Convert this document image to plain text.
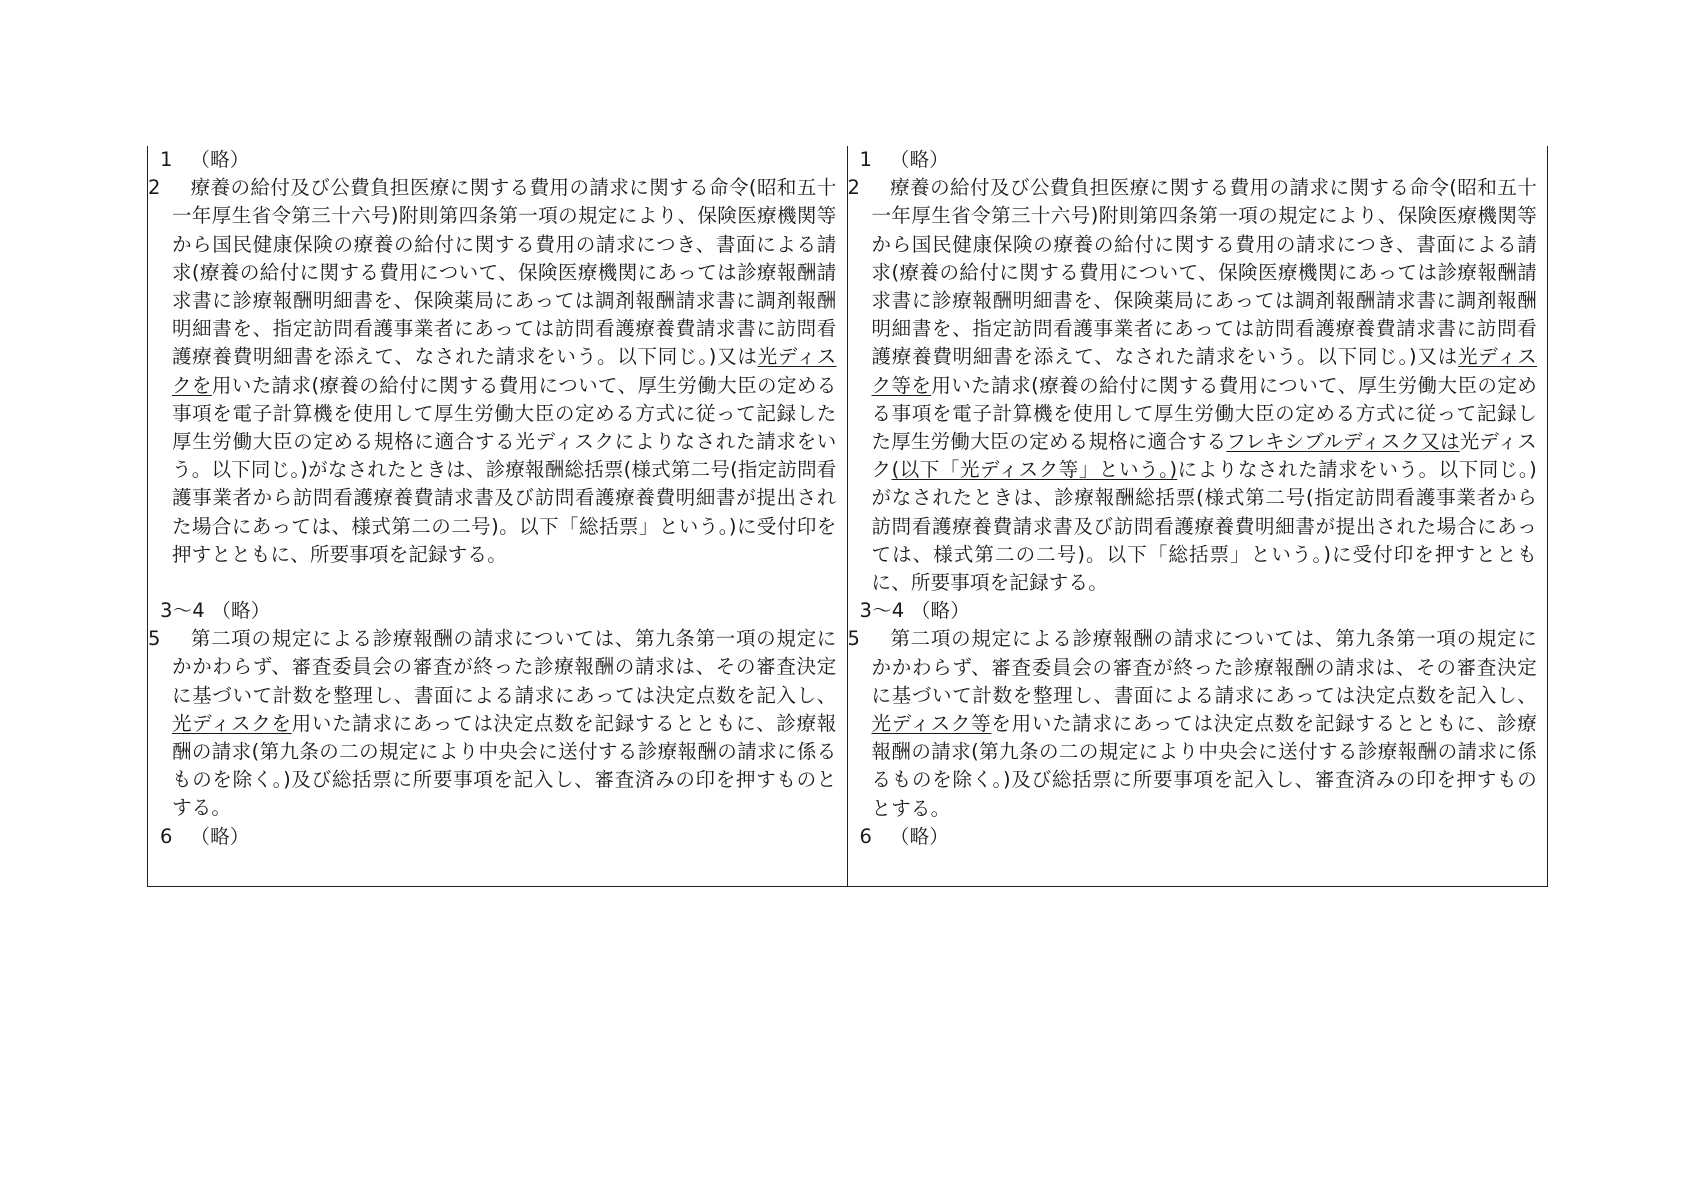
1 （略）

2 療養の給付及び公費負担医療に関する費用の請求に関する命令(昭和五十一年厚生省令第三十六号)附則第四条第一項の規定により、保険医療機関等から国民健康保険の療養の給付に関する費用の請求につき、書面による請求(療養の給付に関する費用について、保険医療機関にあっては診療報酬請求書に診療報酬明細書を、保険薬局にあっては調剤報酬請求書に調剤報酬明細書を、指定訪問看護事業者にあっては訪問看護療養費請求書に訪問看護療養費明細書を添えて、なされた請求をいう。以下同じ。)又は光ディスクを用いた請求(療養の給付に関する費用について、厚生労働大臣の定める事項を電子計算機を使用して厚生労働大臣の定める方式に従って記録した厚生労働大臣の定める規格に適合する光ディスクによりなされた請求をいう。以下同じ。)がなされたときは、診療報酬総括票(様式第二号(指定訪問看護事業者から訪問看護療養費請求書及び訪問看護療養費明細書が提出された場合にあっては、様式第二の二号)。以下「総括票」という。)に受付印を押すとともに、所要事項を記録する。

3～4 （略）

5 第二項の規定による診療報酬の請求については、第九条第一項の規定にかかわらず、審査委員会の審査が終った診療報酬の請求は、その審査決定に基づいて計数を整理し、書面による請求にあっては決定点数を記入し、光ディスクを用いた請求にあっては決定点数を記録するとともに、診療報酬の請求(第九条の二の規定により中央会に送付する診療報酬の請求に係るものを除く。)及び総括票に所要事項を記入し、審査済みの印を押すものとする。

6 （略）

1 （略）

2 療養の給付及び公費負担医療に関する費用の請求に関する命令(昭和五十一年厚生省令第三十六号)附則第四条第一項の規定により、保険医療機関等から国民健康保険の療養の給付に関する費用の請求につき、書面による請求(療養の給付に関する費用について、保険医療機関にあっては診療報酬請求書に診療報酬明細書を、保険薬局にあっては調剤報酬請求書に調剤報酬明細書を、指定訪問看護事業者にあっては訪問看護療養費請求書に訪問看護療養費明細書を添えて、なされた請求をいう。以下同じ。)又は光ディスク等を用いた請求(療養の給付に関する費用について、厚生労働大臣の定める事項を電子計算機を使用して厚生労働大臣の定める方式に従って記録した厚生労働大臣の定める規格に適合するフレキシブルディスク又は光ディスク(以下「光ディスク等」という。)によりなされた請求をいう。以下同じ。)がなされたときは、診療報酬総括票(様式第二号(指定訪問看護事業者から訪問看護療養費請求書及び訪問看護療養費明細書が提出された場合にあっては、様式第二の二号)。以下「総括票」という。)に受付印を押すとともに、所要事項を記録する。

3～4 （略）

5 第二項の規定による診療報酬の請求については、第九条第一項の規定にかかわらず、審査委員会の審査が終った診療報酬の請求は、その審査決定に基づいて計数を整理し、書面による請求にあっては決定点数を記入し、光ディスク等を用いた請求にあっては決定点数を記録するとともに、診療報酬の請求(第九条の二の規定により中央会に送付する診療報酬の請求に係るものを除く。)及び総括票に所要事項を記入し、審査済みの印を押すものとする。

6 （略）
